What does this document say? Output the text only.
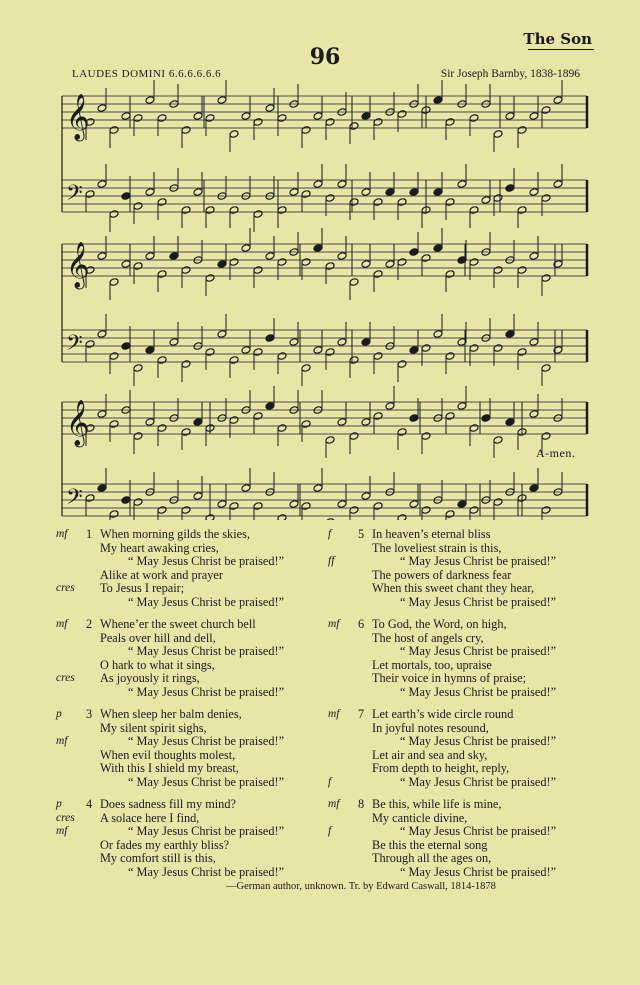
The Son
96
LAUDES DOMINI 6.6.6.6.6.6	Sir Joseph Barnby, 1838-1896
𝄞
𝄢
𝄞
𝄢
𝄞
𝄢
A-men.
mf 1 When morning gilds the skies,
My heart awaking cries,
“ May Jesus Christ be praised!”
Alike at work and prayer
cres To Jesus I repair;
“ May Jesus Christ be praised!”
mf 2 Whene’er the sweet church bell
Peals over hill and dell,
“ May Jesus Christ be praised!”
O hark to what it sings,
cres As joyously it rings,
“ May Jesus Christ be praised!”
p 3 When sleep her balm denies,
My silent spirit sighs,
mf	“ May Jesus Christ be praised!”
When evil thoughts molest,
With this I shield my breast,
“ May Jesus Christ be praised!”
p 4 Does sadness fill my mind?
cres A solace here I find,
mf	“ May Jesus Christ be praised!”
Or fades my earthly bliss?
My comfort still is this,
“ May Jesus Christ be praised!”
f 5 In heaven’s eternal bliss
The loveliest strain is this,
ff	“ May Jesus Christ be praised!”
The powers of darkness fear
When this sweet chant they hear,
“ May Jesus Christ be praised!”
mf 6 To God, the Word, on high,
The host of angels cry,
“ May Jesus Christ be praised!”
Let mortals, too, upraise
Their voice in hymns of praise;
“ May Jesus Christ be praised!”
mf 7 Let earth’s wide circle round
In joyful notes resound,
“ May Jesus Christ be praised!”
Let air and sea and sky,
From depth to height, reply,
f	“ May Jesus Christ be praised!”
mf 8 Be this, while life is mine,
My canticle divine,
f	“ May Jesus Christ be praised!”
Be this the eternal song
Through all the ages on,
“ May Jesus Christ be praised!”
—German author, unknown. Tr. by Edward Caswall, 1814-1878
